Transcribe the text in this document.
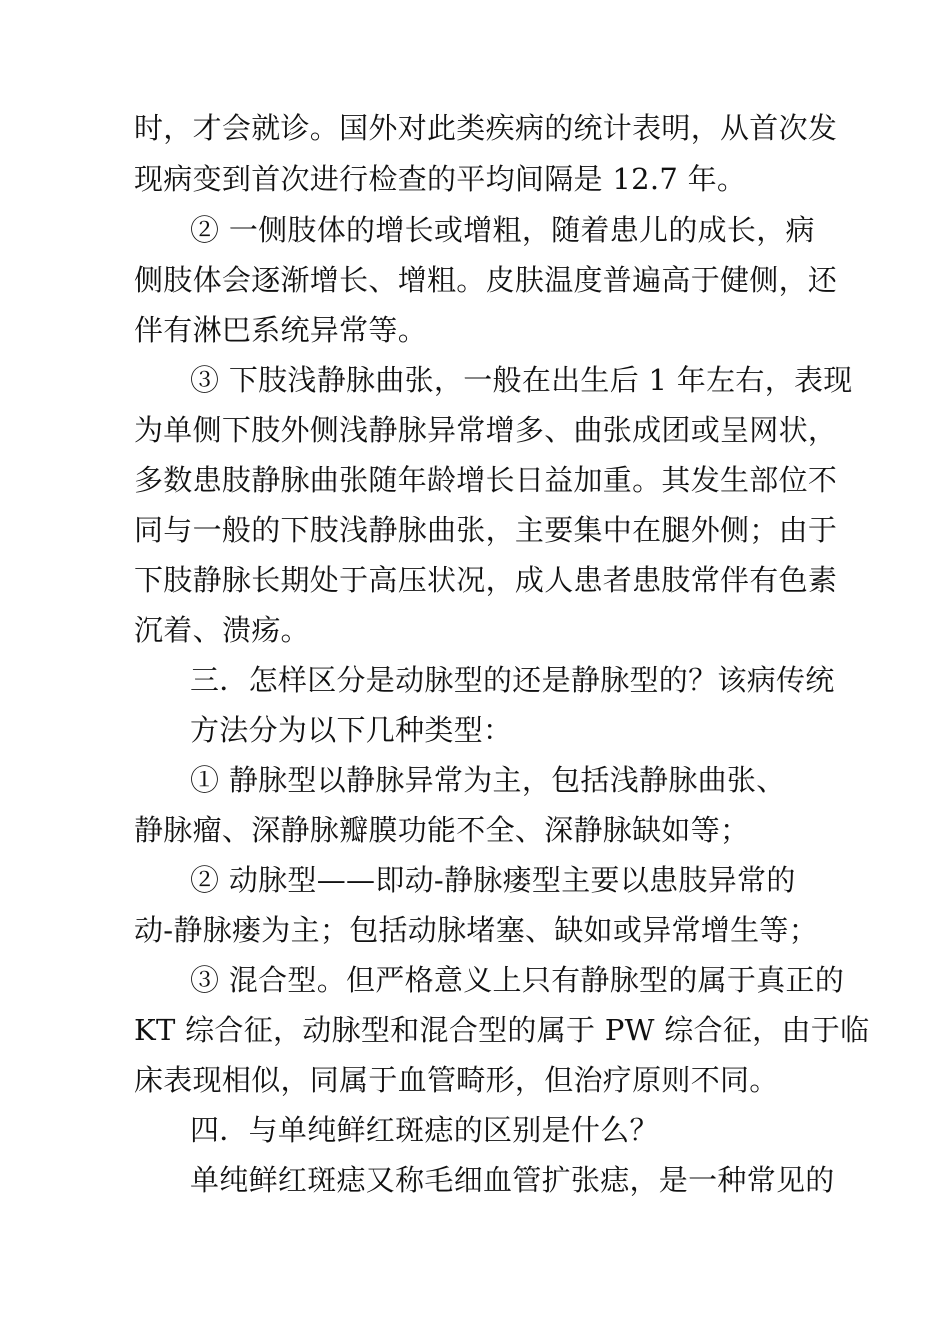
时，才会就诊。国外对此类疾病的统计表明，从首次发
现病变到首次进行检查的平均间隔是 12.7 年。
② 一侧肢体的增长或增粗，随着患儿的成长，病
侧肢体会逐渐增长、增粗。皮肤温度普遍高于健侧，还
伴有淋巴系统异常等。
③ 下肢浅静脉曲张，一般在出生后 1 年左右，表现
为单侧下肢外侧浅静脉异常增多、曲张成团或呈网状，
多数患肢静脉曲张随年龄增长日益加重。其发生部位不
同与一般的下肢浅静脉曲张，主要集中在腿外侧；由于
下肢静脉长期处于高压状况，成人患者患肢常伴有色素
沉着、溃疡。
三．怎样区分是动脉型的还是静脉型的？该病传统
方法分为以下几种类型：
① 静脉型以静脉异常为主，包括浅静脉曲张、
静脉瘤、深静脉瓣膜功能不全、深静脉缺如等；
② 动脉型——即动-静脉瘘型主要以患肢异常的
动-静脉瘘为主；包括动脉堵塞、缺如或异常增生等；
③ 混合型。但严格意义上只有静脉型的属于真正的
KT 综合征，动脉型和混合型的属于 PW 综合征，由于临
床表现相似，同属于血管畸形，但治疗原则不同。
四．与单纯鲜红斑痣的区别是什么？
单纯鲜红斑痣又称毛细血管扩张痣，是一种常见的
